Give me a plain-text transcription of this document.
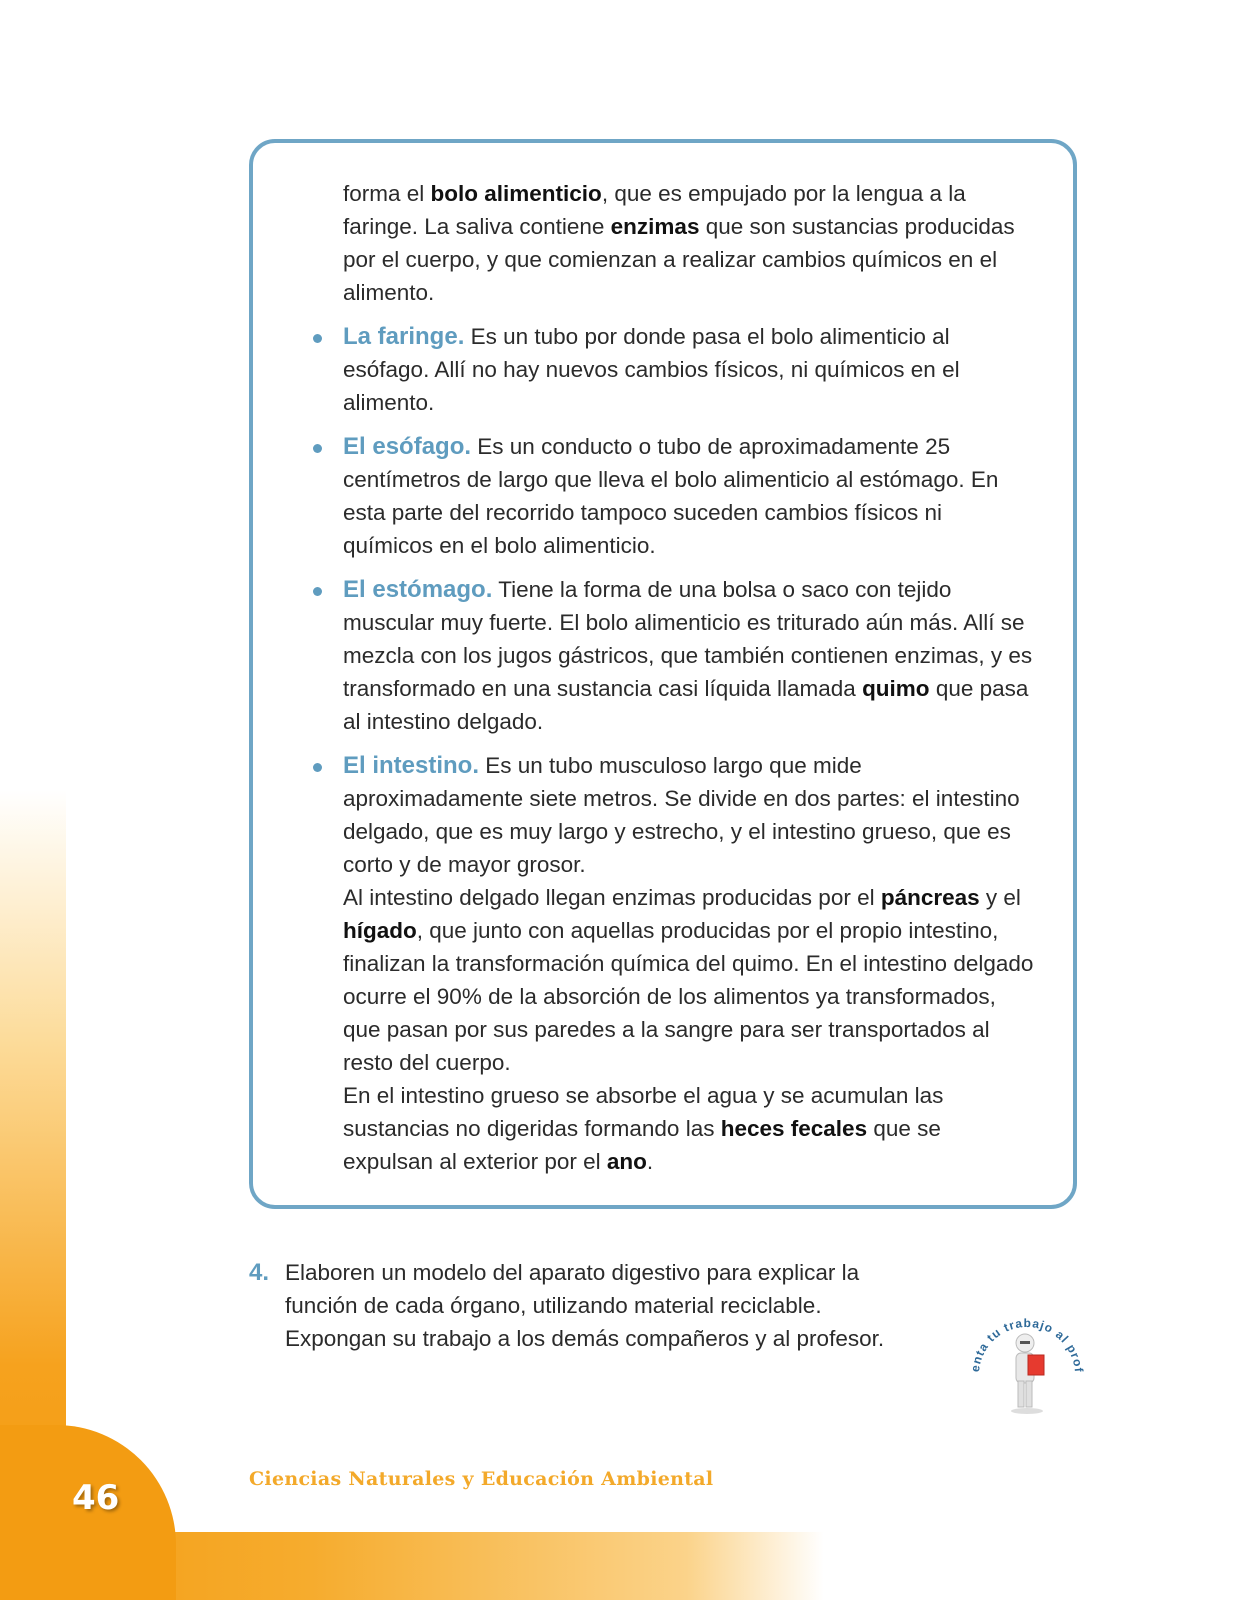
46	Ciencias Naturales y Educación Ambiental

forma el bolo alimenticio, que es empujado por la lengua a la faringe. La saliva contiene enzimas que son sustancias producidas por el cuerpo, y que comienzan a realizar cambios químicos en el alimento.

La faringe. Es un tubo por donde pasa el bolo alimenticio al esófago. Allí no hay nuevos cambios físicos, ni químicos en el alimento.

El esófago. Es un conducto o tubo de aproximadamente 25 centímetros de largo que lleva el bolo alimenticio al estómago. En esta parte del recorrido tampoco suceden cambios físicos ni químicos en el bolo alimenticio.

El estómago. Tiene la forma de una bolsa o saco con tejido muscular muy fuerte. El bolo alimenticio es triturado aún más. Allí se mezcla con los jugos gástricos, que también contienen enzimas, y es transformado en una sustancia casi líquida llamada quimo que pasa al intestino delgado.

El intestino. Es un tubo musculoso largo que mide aproximadamente siete metros. Se divide en dos partes: el intestino delgado, que es muy largo y estrecho, y el intestino grueso, que es corto y de mayor grosor.

Al intestino delgado llegan enzimas producidas por el páncreas y el hígado, que junto con aquellas producidas por el propio intestino, finalizan la transformación química del quimo. En el intestino delgado ocurre el 90% de la absorción de los alimentos ya transformados, que pasan por sus paredes a la sangre para ser transportados al resto del cuerpo.

En el intestino grueso se absorbe el agua y se acumulan las sustancias no digeridas formando las heces fecales que se expulsan al exterior por el ano.

4. Elaboren un modelo del aparato digestivo para explicar la función de cada órgano, utilizando material reciclable. Expongan su trabajo a los demás compañeros y al profesor.
enta tu trabajo al prof
